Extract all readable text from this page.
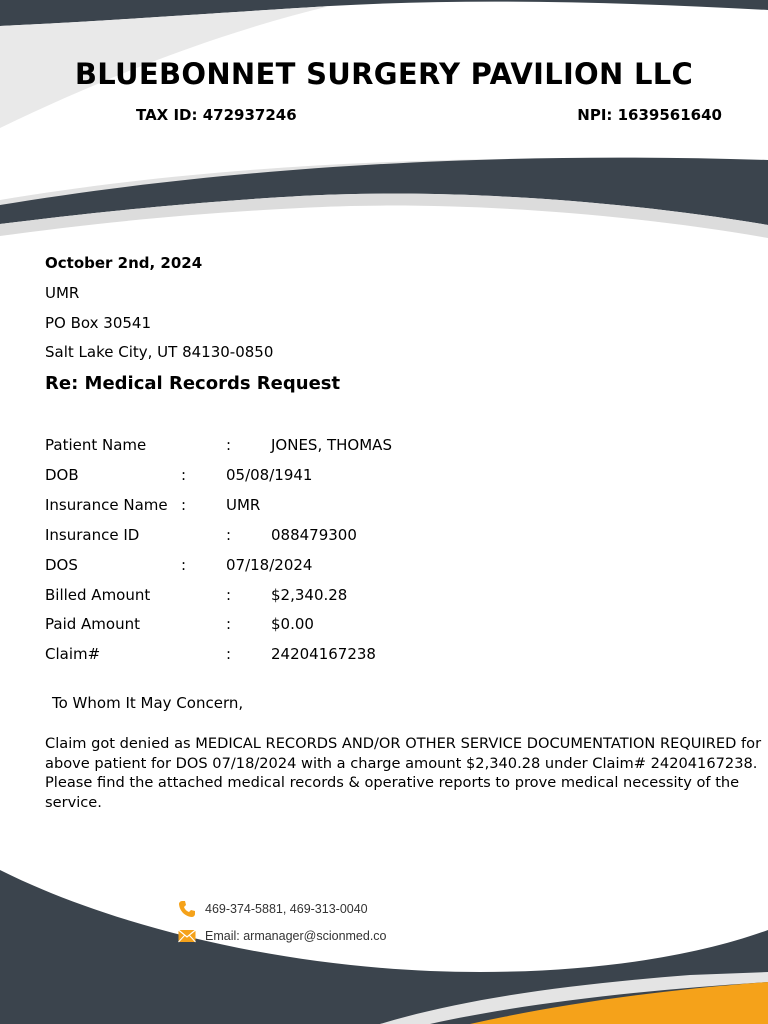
BLUEBONNET SURGERY PAVILION LLC
TAX ID: 472937246	NPI: 1639561640
October 2nd, 2024
UMR
PO Box 30541
Salt Lake City, UT 84130-0850
Re: Medical Records Request
Patient Name	:	JONES, THOMAS
DOB	:	05/08/1941
Insurance Name :	UMR
Insurance ID	:	088479300
DOS	:	07/18/2024
Billed Amount	:	$2,340.28
Paid Amount	:	$0.00
Claim#	:	24204167238
To Whom It May Concern,

Claim got denied as MEDICAL RECORDS AND/OR OTHER SERVICE DOCUMENTATION REQUIRED for above patient for DOS 07/18/2024 with a charge amount $2,340.28 under Claim# 24204167238. Please find the attached medical records & operative reports to prove medical necessity of the service.

469-374-5881, 469-313-0040
Email: armanager@scionmed.co
